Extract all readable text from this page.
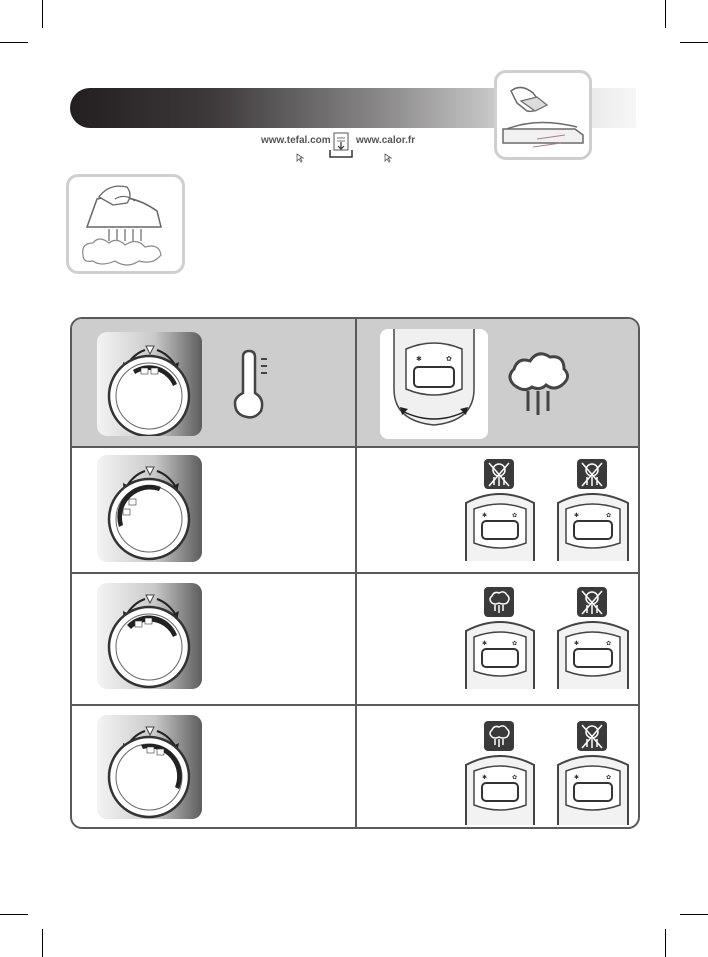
www.tefal.com	www.calor.fr
✱	✿
✱	✿	✱	✿
✱	✿	✱	✿
✱	✿	✱	✿
